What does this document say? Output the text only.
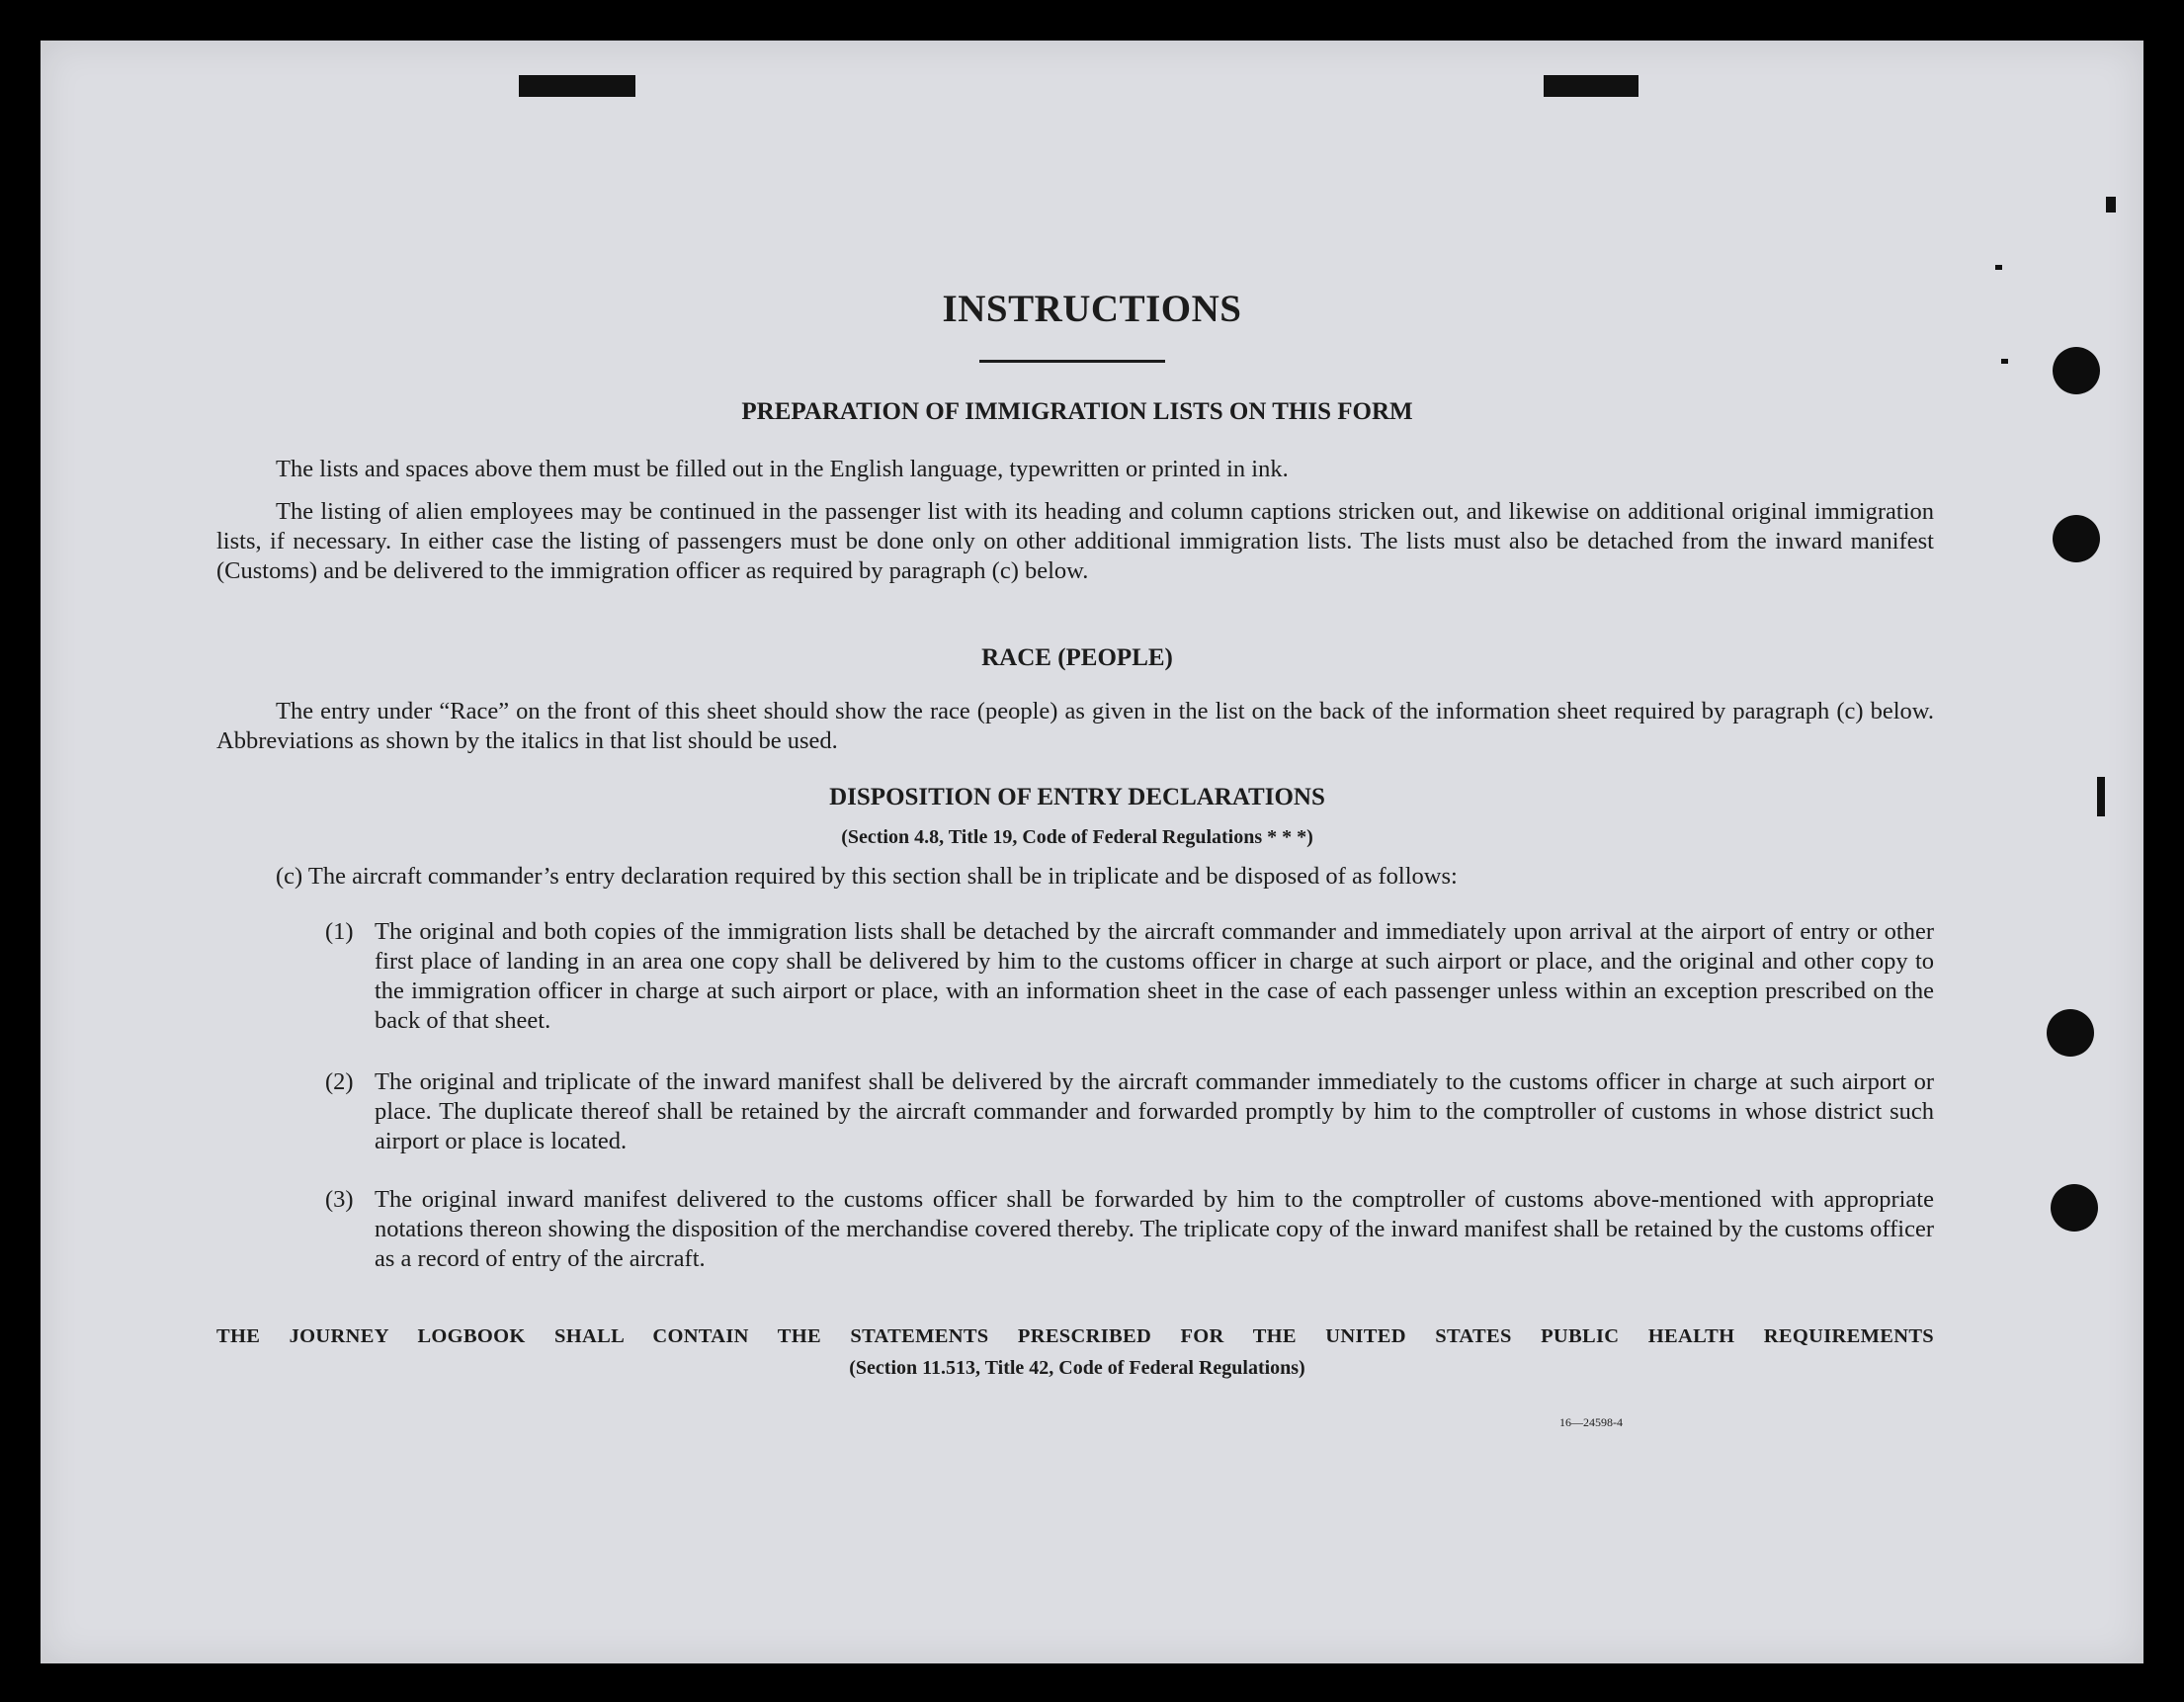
INSTRUCTIONS
PREPARATION OF IMMIGRATION LISTS ON THIS FORM
The lists and spaces above them must be filled out in the English language, typewritten or printed in ink.
The listing of alien employees may be continued in the passenger list with its heading and column captions stricken out, and likewise on additional original immigration lists, if necessary. In either case the listing of passengers must be done only on other additional immigration lists. The lists must also be detached from the inward manifest (Customs) and be delivered to the immigration officer as required by paragraph (c) below.
RACE (PEOPLE)
The entry under “Race” on the front of this sheet should show the race (people) as given in the list on the back of the information sheet required by paragraph (c) below. Abbreviations as shown by the italics in that list should be used.
DISPOSITION OF ENTRY DECLARATIONS
(Section 4.8, Title 19, Code of Federal Regulations * * *)
(c) The aircraft commander’s entry declaration required by this section shall be in triplicate and be disposed of as follows:
(1) The original and both copies of the immigration lists shall be detached by the aircraft commander and immediately upon arrival at the airport of entry or other first place of landing in an area one copy shall be delivered by him to the customs officer in charge at such airport or place, and the original and other copy to the immigration officer in charge at such airport or place, with an information sheet in the case of each passenger unless within an exception prescribed on the back of that sheet.
(2) The original and triplicate of the inward manifest shall be delivered by the aircraft commander immediately to the customs officer in charge at such airport or place. The duplicate thereof shall be retained by the aircraft commander and forwarded promptly by him to the comptroller of customs in whose district such airport or place is located.
(3) The original inward manifest delivered to the customs officer shall be forwarded by him to the comptroller of customs above-mentioned with appropriate notations thereon showing the disposition of the merchandise covered thereby. The triplicate copy of the inward manifest shall be retained by the customs officer as a record of entry of the aircraft.
THE JOURNEY LOGBOOK SHALL CONTAIN THE STATEMENTS PRESCRIBED FOR THE UNITED STATES PUBLIC HEALTH REQUIREMENTS
(Section 11.513, Title 42, Code of Federal Regulations)
16—24598-4
